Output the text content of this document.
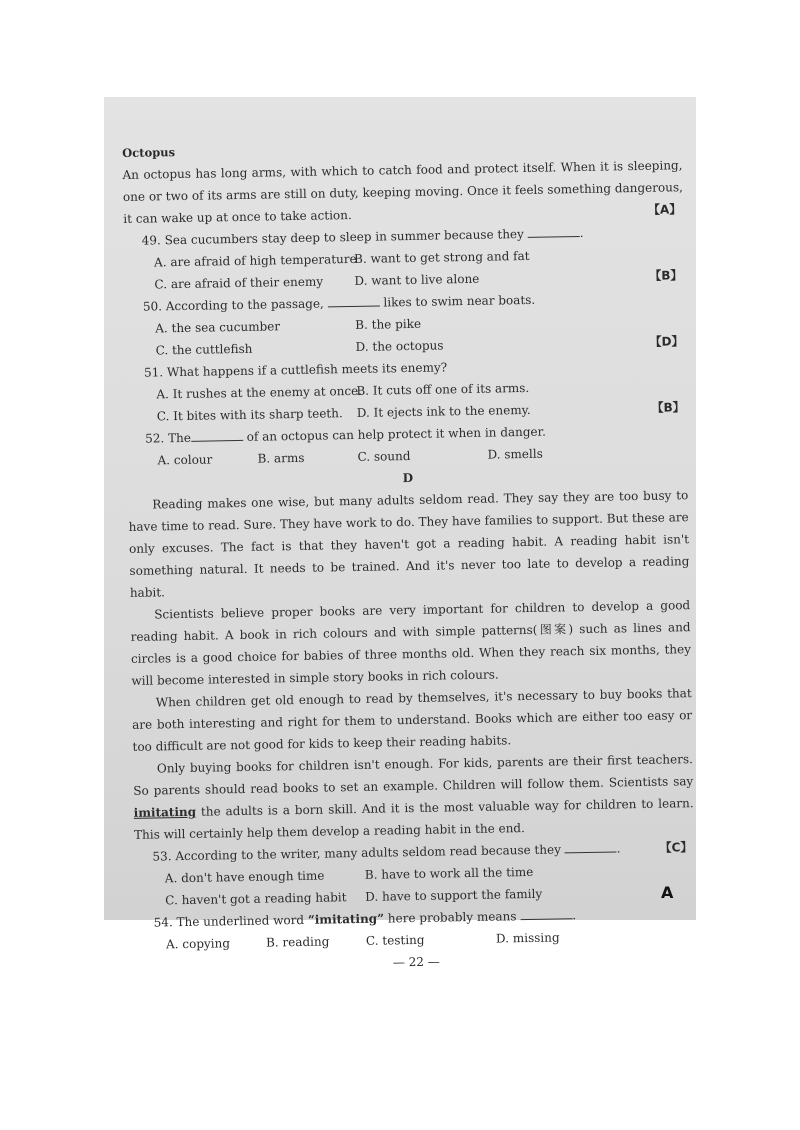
Octopus

An octopus has long arms, with which to catch food and protect itself. When it is sleeping, one or two of its arms are still on duty, keeping moving. Once it feels something dangerous, it can wake up at once to take action.	【A】
49. Sea cucumbers stay deep to sleep in summer because they	.
A. are afraid of high temperature
B. want to get strong and fat
C. are afraid of their enemy	D. want to live alone	【B】
50. According to the passage,	likes to swim near boats.
A. the sea cucumber	B. the pike
C. the cuttlefish	D. the octopus	【D】
51. What happens if a cuttlefish meets its enemy?
A. It rushes at the enemy at once.
B. It cuts off one of its arms.
C. It bites with its sharp teeth. D. It ejects ink to the enemy.	【B】
52. The	of an octopus can help protect it when in danger.
A. colour	B. arms	C. sound	D. smells
D

Reading makes one wise, but many adults seldom read. They say they are too busy to have time to read. Sure. They have work to do. They have families to support. But these are only excuses. The fact is that they haven't got a reading habit. A reading habit isn't something natural. It needs to be trained. And it's never too late to develop a reading habit.

Scientists believe proper books are very important for children to develop a good reading habit. A book in rich colours and with simple patterns(图案) such as lines and circles is a good choice for babies of three months old. When they reach six months, they will become interested in simple story books in rich colours.

When children get old enough to read by themselves, it's necessary to buy books that are both interesting and right for them to understand. Books which are either too easy or too difficult are not good for kids to keep their reading habits.

Only buying books for children isn't enough. For kids, parents are their first teachers. So parents should read books to set an example. Children will follow them. Scientists say imitating the adults is a born skill. And it is the most valuable way for children to learn. This will certainly help them develop a reading habit in the end.

53. According to the writer, many adults seldom read because they	.	【C】
A. don't have enough time	B. have to work all the time
C. haven't got a reading habit D. have to support the family
54. The underlined word “imitating” here probably means	.
A. copying	B. reading	C. testing	D. missing
— 22 —
A
